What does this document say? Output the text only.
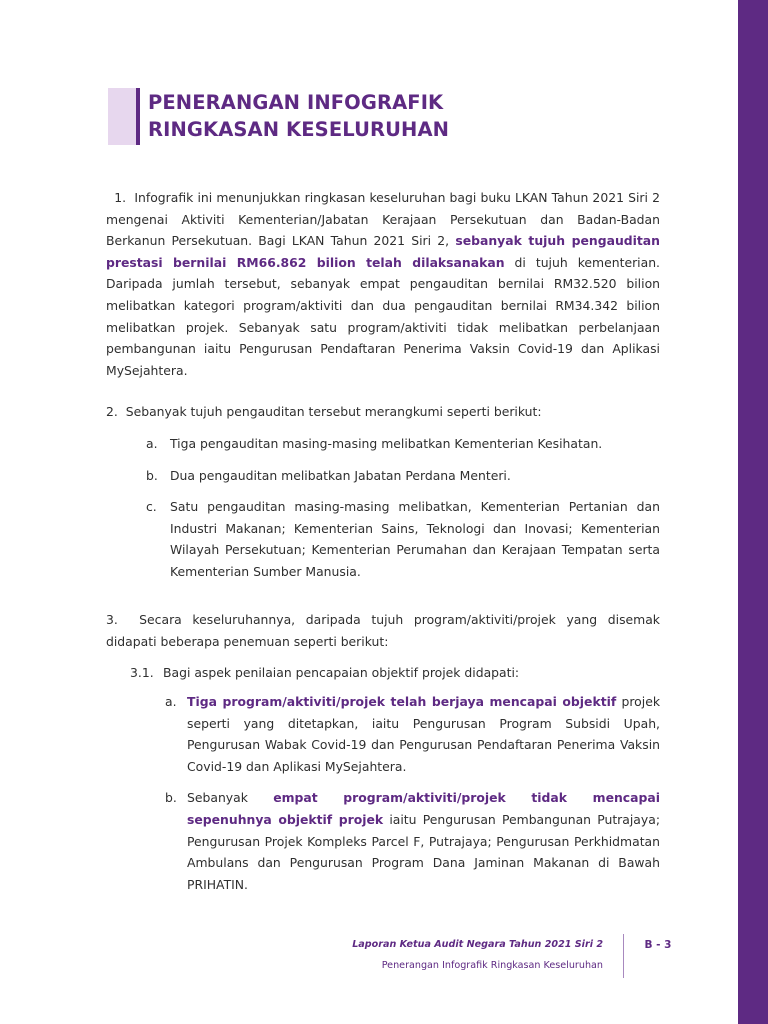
PENERANGAN INFOGRAFIK
RINGKASAN KESELURUHAN

1. Infografik ini menunjukkan ringkasan keseluruhan bagi buku LKAN Tahun 2021 Siri 2 mengenai Aktiviti Kementerian/Jabatan Kerajaan Persekutuan dan Badan-Badan Berkanun Persekutuan. Bagi LKAN Tahun 2021 Siri 2, sebanyak tujuh pengauditan prestasi bernilai RM66.862 bilion telah dilaksanakan di tujuh kementerian. Daripada jumlah tersebut, sebanyak empat pengauditan bernilai RM32.520 bilion melibatkan kategori program/aktiviti dan dua pengauditan bernilai RM34.342 bilion melibatkan projek. Sebanyak satu program/aktiviti tidak melibatkan perbelanjaan pembangunan iaitu Pengurusan Pendaftaran Penerima Vaksin Covid-19 dan Aplikasi MySejahtera.

2. Sebanyak tujuh pengauditan tersebut merangkumi seperti berikut:

a. Tiga pengauditan masing-masing melibatkan Kementerian Kesihatan.
b. Dua pengauditan melibatkan Jabatan Perdana Menteri.
c. Satu pengauditan masing-masing melibatkan, Kementerian Pertanian dan Industri Makanan; Kementerian Sains, Teknologi dan Inovasi; Kementerian Wilayah Persekutuan; Kementerian Perumahan dan Kerajaan Tempatan serta Kementerian Sumber Manusia.

3. Secara keseluruhannya, daripada tujuh program/aktiviti/projek yang disemak didapati beberapa penemuan seperti berikut:

3.1. Bagi aspek penilaian pencapaian objektif projek didapati:
a. Tiga program/aktiviti/projek telah berjaya mencapai objektif projek seperti yang ditetapkan, iaitu Pengurusan Program Subsidi Upah, Pengurusan Wabak Covid-19 dan Pengurusan Pendaftaran Penerima Vaksin Covid-19 dan Aplikasi MySejahtera.
b. Sebanyak empat program/aktiviti/projek tidak mencapai sepenuhnya objektif projek iaitu Pengurusan Pembangunan Putrajaya; Pengurusan Projek Kompleks Parcel F, Putrajaya; Pengurusan Perkhidmatan Ambulans dan Pengurusan Program Dana Jaminan Makanan di Bawah PRIHATIN.
Laporan Ketua Audit Negara Tahun 2021 Siri 2
Penerangan Infografik Ringkasan Keseluruhan
B - 3
